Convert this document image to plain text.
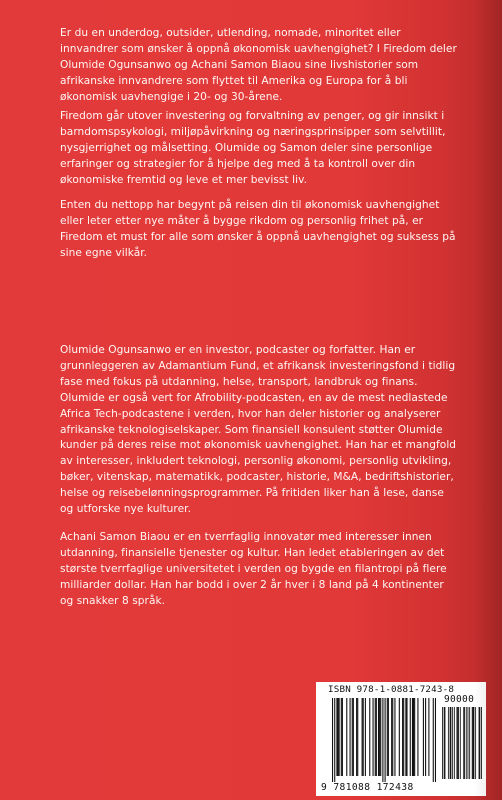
Er du en underdog, outsider, utlending, nomade, minoritet eller innvandrer som ønsker å oppnå økonomisk uavhengighet? I Firedom deler Olumide Ogunsanwo og Achani Samon Biaou sine livshistorier som afrikanske innvandrere som flyttet til Amerika og Europa for å bli økonomisk uavhengige i 20- og 30-årene.

Firedom går utover investering og forvaltning av penger, og gir innsikt i barndomspsykologi, miljøpåvirkning og næringsprinsipper som selvtillit, nysgjerrighet og målsetting. Olumide og Samon deler sine personlige erfaringer og strategier for å hjelpe deg med å ta kontroll over din økonomiske fremtid og leve et mer bevisst liv.

Enten du nettopp har begynt på reisen din til økonomisk uavhengighet eller leter etter nye måter å bygge rikdom og personlig frihet på, er Firedom et must for alle som ønsker å oppnå uavhengighet og suksess på sine egne vilkår.

Olumide Ogunsanwo er en investor, podcaster og forfatter. Han er grunnleggeren av Adamantium Fund, et afrikansk investeringsfond i tidlig fase med fokus på utdanning, helse, transport, landbruk og finans. Olumide er også vert for Afrobility-podcasten, en av de mest nedlastede Africa Tech-podcastene i verden, hvor han deler historier og analyserer afrikanske teknologiselskaper. Som finansiell konsulent støtter Olumide kunder på deres reise mot økonomisk uavhengighet. Han har et mangfold av interesser, inkludert teknologi, personlig økonomi, personlig utvikling, bøker, vitenskap, matematikk, podcaster, historie, M&A, bedriftshistorier, helse og reisebelønningsprogrammer. På fritiden liker han å lese, danse og utforske nye kulturer.

Achani Samon Biaou er en tverrfaglig innovatør med interesser innen utdanning, finansielle tjenester og kultur. Han ledet etableringen av det største tverrfaglige universitetet i verden og bygde en filantropi på flere milliarder dollar. Han har bodd i over 2 år hver i 8 land på 4 kontinenter og snakker 8 språk.

ISBN 978-1-0881-7243-8
90000
9 781088 172438
